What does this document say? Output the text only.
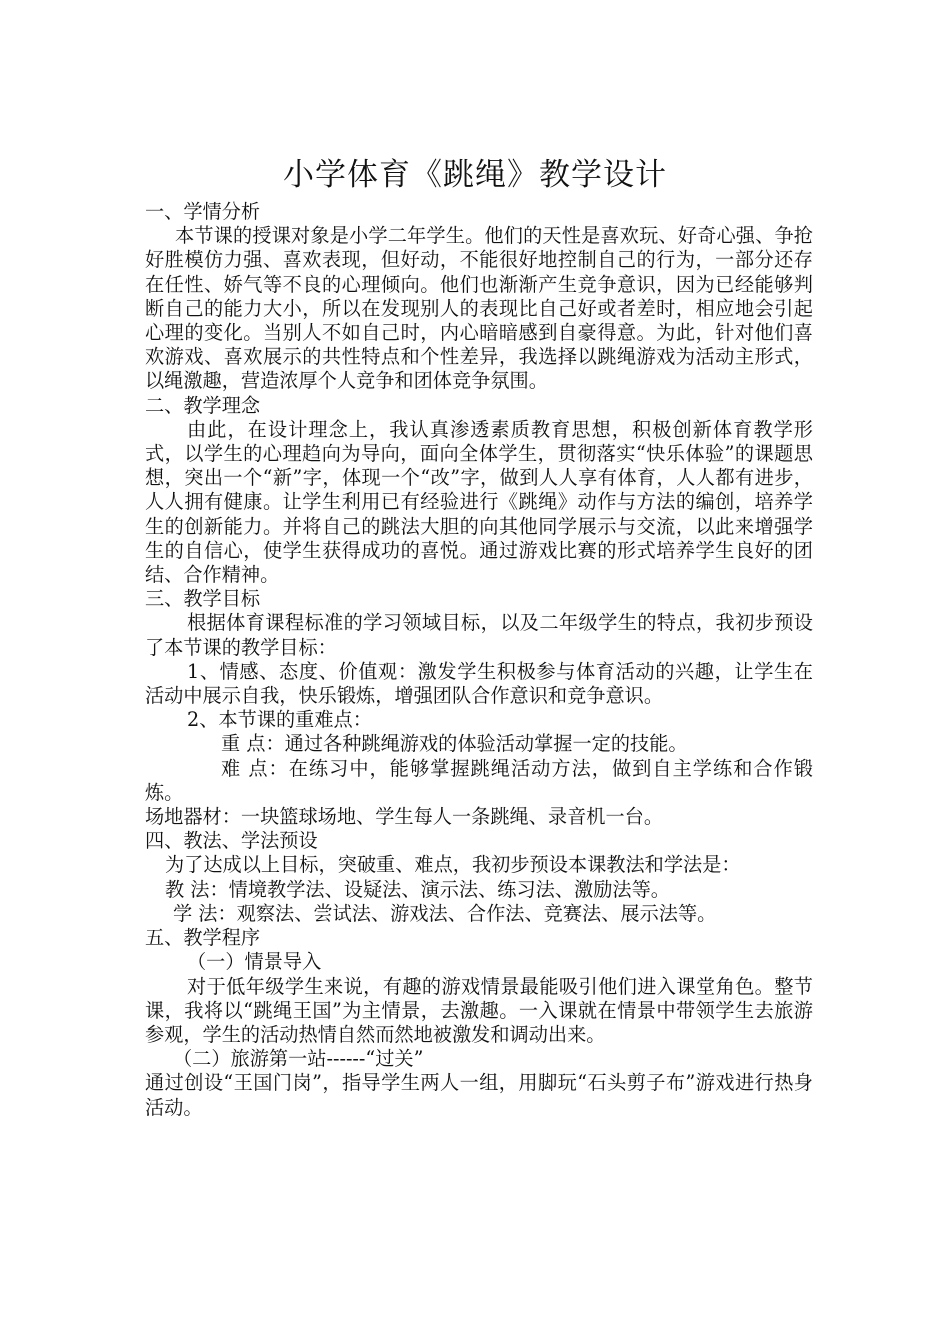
小学体育《跳绳》教学设计

一、学情分析

本节课的授课对象是小学二年学生。他们的天性是喜欢玩、好奇心强、争抢好胜模仿力强、喜欢表现，但好动，不能很好地控制自己的行为，一部分还存在任性、娇气等不良的心理倾向。他们也渐渐产生竞争意识，因为已经能够判断自己的能力大小，所以在发现别人的表现比自己好或者差时，相应地会引起心理的变化。当别人不如自己时，内心暗暗感到自豪得意。为此，针对他们喜欢游戏、喜欢展示的共性特点和个性差异，我选择以跳绳游戏为活动主形式，以绳激趣，营造浓厚个人竞争和团体竞争氛围。

二、教学理念

由此，在设计理念上，我认真渗透素质教育思想，积极创新体育教学形式，以学生的心理趋向为导向，面向全体学生，贯彻落实“快乐体验”的课题思想，突出一个“新”字，体现一个“改”字，做到人人享有体育，人人都有进步，人人拥有健康。让学生利用已有经验进行《跳绳》动作与方法的编创，培养学生的创新能力。并将自己的跳法大胆的向其他同学展示与交流，以此来增强学生的自信心，使学生获得成功的喜悦。通过游戏比赛的形式培养学生良好的团结、合作精神。

三、教学目标

根据体育课程标准的学习领域目标，以及二年级学生的特点，我初步预设了本节课的教学目标：

1、情感、态度、价值观：激发学生积极参与体育活动的兴趣，让学生在活动中展示自我，快乐锻炼，增强团队合作意识和竞争意识。

2、本节课的重难点：

重 点：通过各种跳绳游戏的体验活动掌握一定的技能。

难 点：在练习中，能够掌握跳绳活动方法，做到自主学练和合作锻炼。

场地器材：一块篮球场地、学生每人一条跳绳、录音机一台。

四、教法、学法预设

为了达成以上目标，突破重、难点，我初步预设本课教法和学法是：

教 法：情境教学法、设疑法、演示法、练习法、激励法等。

学 法：观察法、尝试法、游戏法、合作法、竞赛法、展示法等。

五、教学程序

（一）情景导入

对于低年级学生来说，有趣的游戏情景最能吸引他们进入课堂角色。整节课，我将以“跳绳王国”为主情景，去激趣。一入课就在情景中带领学生去旅游参观，学生的活动热情自然而然地被激发和调动出来。

（二）旅游第一站------“过关”

通过创设“王国门岗”，指导学生两人一组，用脚玩“石头剪子布”游戏进行热身活动。
